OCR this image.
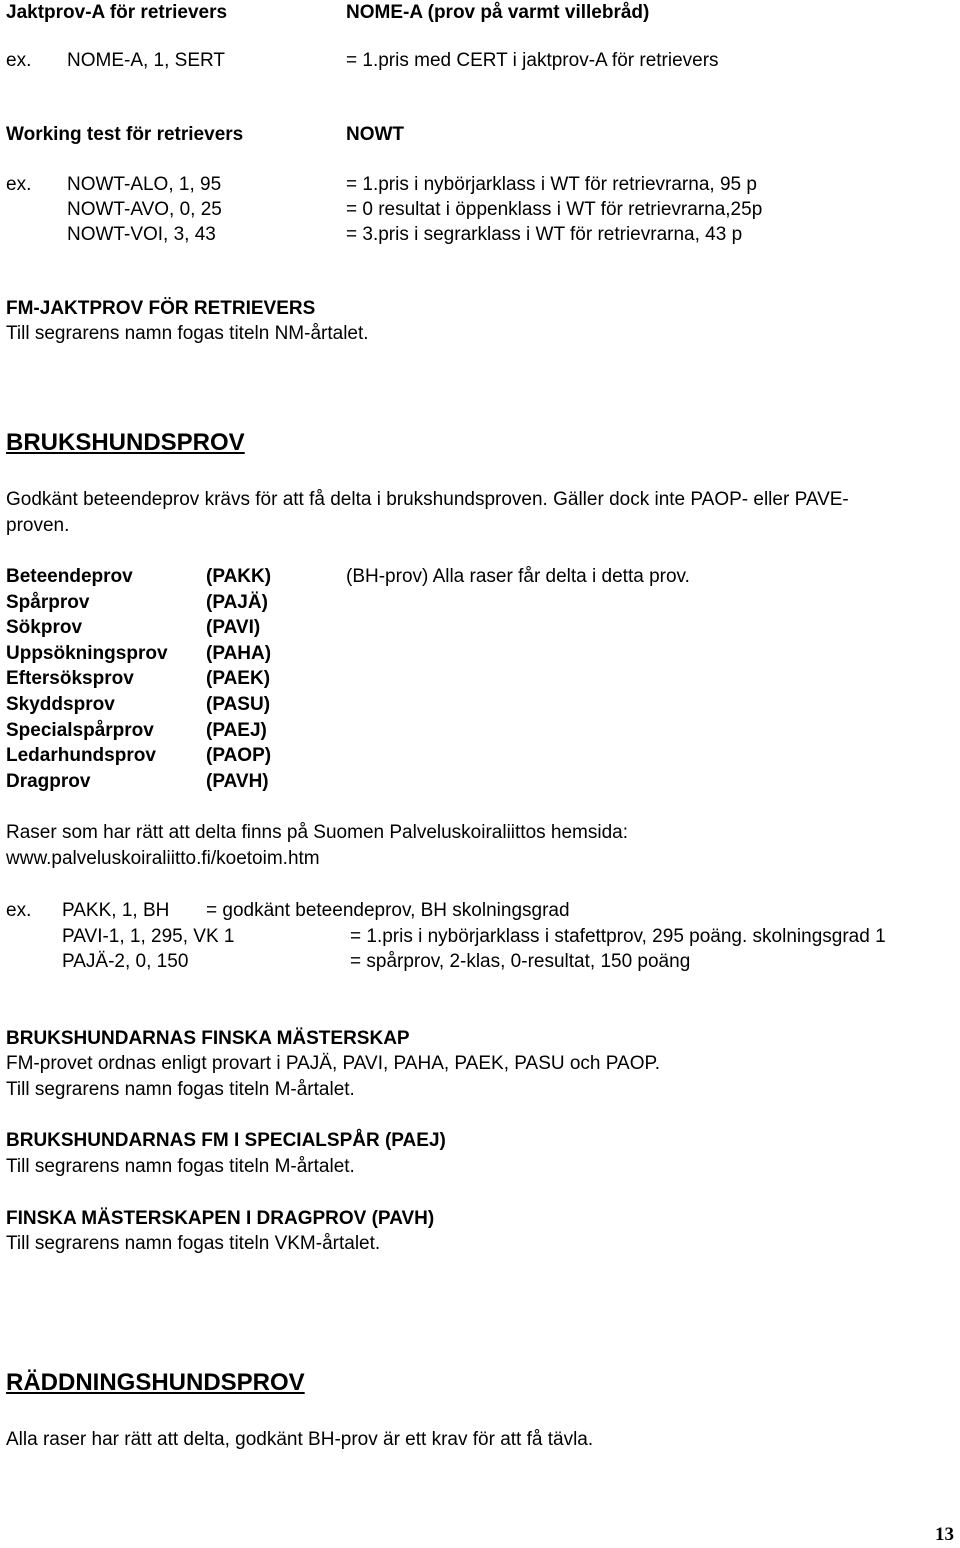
Jaktprov-A för retrievers	NOME-A (prov på varmt villebråd)
ex. NOME-A, 1, SERT	= 1.pris med CERT i jaktprov-A för retrievers
Working test för retrievers	NOWT
ex. NOWT-ALO, 1, 95	= 1.pris i nybörjarklass i WT för retrievrarna, 95 p
NOWT-AVO, 0, 25	= 0 resultat i öppenklass i WT för retrievrarna,25p
NOWT-VOI, 3, 43	= 3.pris i segrarklass i WT för retrievrarna, 43 p
FM-JAKTPROV FÖR RETRIEVERS
Till segrarens namn fogas titeln NM-årtalet.
BRUKSHUNDSPROV
Godkänt beteendeprov krävs för att få delta i brukshundsproven. Gäller dock inte PAOP- eller PAVE-
proven.
Beteendeprov	(PAKK)	(BH-prov) Alla raser får delta i detta prov.
Spårprov	(PAJÄ)
Sökprov	(PAVI)
Uppsökningsprov (PAHA)
Eftersöksprov	(PAEK)
Skyddsprov	(PASU)
Specialspårprov	(PAEJ)
Ledarhundsprov	(PAOP)
Dragprov	(PAVH)
Raser som har rätt att delta finns på Suomen Palveluskoiraliittos hemsida:
www.palveluskoiraliitto.fi/koetoim.htm
ex. PAKK, 1, BH = godkänt beteendeprov, BH skolningsgrad
PAVI-1, 1, 295, VK 1	= 1.pris i nybörjarklass i stafettprov, 295 poäng. skolningsgrad 1
PAJÄ-2, 0, 150	= spårprov, 2-klas, 0-resultat, 150 poäng
BRUKSHUNDARNAS FINSKA MÄSTERSKAP
FM-provet ordnas enligt provart i PAJÄ, PAVI, PAHA, PAEK, PASU och PAOP.
Till segrarens namn fogas titeln M-årtalet.
BRUKSHUNDARNAS FM I SPECIALSPÅR (PAEJ)
Till segrarens namn fogas titeln M-årtalet.
FINSKA MÄSTERSKAPEN I DRAGPROV (PAVH)
Till segrarens namn fogas titeln VKM-årtalet.
RÄDDNINGSHUNDSPROV
Alla raser har rätt att delta, godkänt BH-prov är ett krav för att få tävla.
13
